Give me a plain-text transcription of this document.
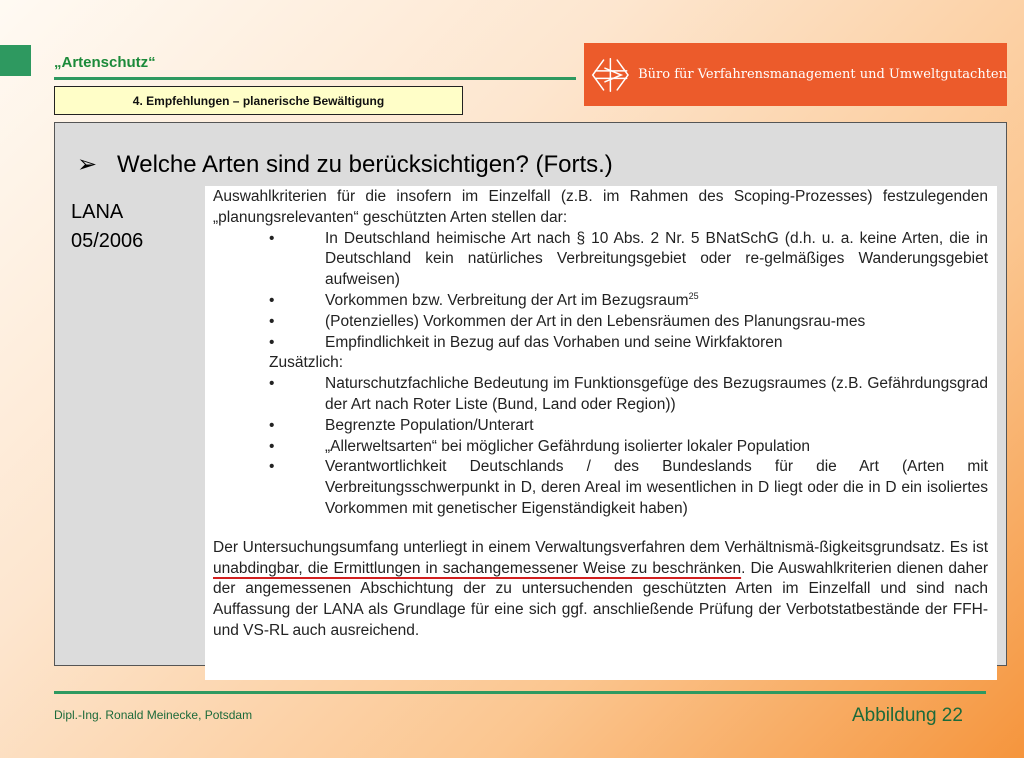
„Artenschutz“
4. Empfehlungen – planerische Bewältigung
Büro für Verfahrensmanagement und Umweltgutachten
➢ Welche Arten sind zu berücksichtigen? (Forts.)
LANA
05/2006
Auswahlkriterien für die insofern im Einzelfall (z.B. im Rahmen des Scoping-Prozesses) festzulegenden „planungsrelevanten“ geschützten Arten stellen dar:
•	In Deutschland heimische Art nach § 10 Abs. 2 Nr. 5 BNatSchG (d.h. u. a. keine Arten, die in Deutschland kein natürliches Verbreitungsgebiet oder re-gelmäßiges Wanderungsgebiet aufweisen)
•	Vorkommen bzw. Verbreitung der Art im Bezugsraum$^{25}$
•	(Potenzielles) Vorkommen der Art in den Lebensräumen des Planungsrau-mes
•	Empfindlichkeit in Bezug auf das Vorhaben und seine Wirkfaktoren
Zusätzlich:
•	Naturschutzfachliche Bedeutung im Funktionsgefüge des Bezugsraumes (z.B. Gefährdungsgrad der Art nach Roter Liste (Bund, Land oder Region))
•	Begrenzte Population/Unterart
•	„Allerweltsarten“ bei möglicher Gefährdung isolierter lokaler Population
•	Verantwortlichkeit Deutschlands / des Bundeslands für die Art (Arten mit Verbreitungsschwerpunkt in D, deren Areal im wesentlichen in D liegt oder die in D ein isoliertes Vorkommen mit genetischer Eigenständigkeit haben)
Der Untersuchungsumfang unterliegt in einem Verwaltungsverfahren dem Verhältnismä-ßigkeitsgrundsatz. Es ist unabdingbar, die Ermittlungen in sachangemessener Weise zu beschränken. Die Auswahlkriterien dienen daher der angemessenen Abschichtung der zu untersuchenden geschützten Arten im Einzelfall und sind nach Auffassung der LANA als Grundlage für eine sich ggf. anschließende Prüfung der Verbotstatbestände der FFH- und VS-RL auch ausreichend.
Dipl.-Ing. Ronald Meinecke, Potsdam	Abbildung 22
